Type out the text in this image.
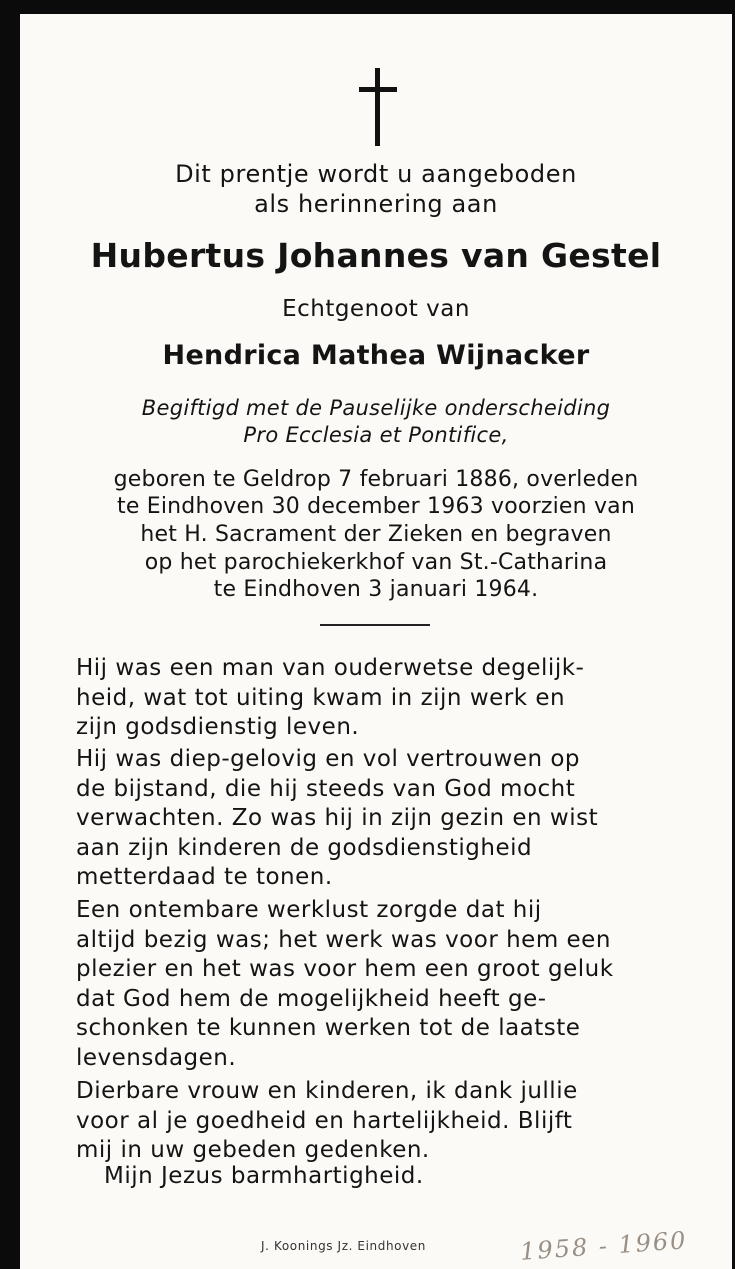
Dit prentje wordt u aangeboden
als herinnering aan
Hubertus Johannes van Gestel
Echtgenoot van
Hendrica Mathea Wijnacker
Begiftigd met de Pauselijke onderscheiding
Pro Ecclesia et Pontifice,
geboren te Geldrop 7 februari 1886, overleden
te Eindhoven 30 december 1963 voorzien van
het H. Sacrament der Zieken en begraven
op het parochiekerkhof van St.-Catharina
te Eindhoven 3 januari 1964.
Hij was een man van ouderwetse degelijk-
heid, wat tot uiting kwam in zijn werk en
zijn godsdienstig leven.
Hij was diep-gelovig en vol vertrouwen op
de bijstand, die hij steeds van God mocht
verwachten. Zo was hij in zijn gezin en wist
aan zijn kinderen de godsdienstigheid
metterdaad te tonen.
Een ontembare werklust zorgde dat hij
altijd bezig was; het werk was voor hem een
plezier en het was voor hem een groot geluk
dat God hem de mogelijkheid heeft ge-
schonken te kunnen werken tot de laatste
levensdagen.
Dierbare vrouw en kinderen, ik dank jullie
voor al je goedheid en hartelijkheid. Blijft
mij in uw gebeden gedenken.
Mijn Jezus barmhartigheid.
J. Koonings Jz. Eindhoven	1958 - 1960
